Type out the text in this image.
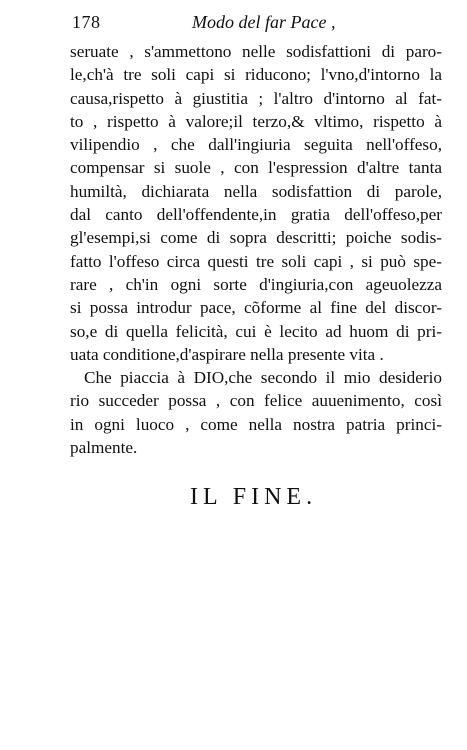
178	Modo del far Pace ,
seruate , s'ammettono nelle sodisfattioni di paro-
le,ch'à tre soli capi si riducono; l'vno,d'intorno la
causa,rispetto à giustitia ; l'altro d'intorno al fat-
to , rispetto à valore;il terzo,& vltimo, rispetto à
vilipendio , che dall'ingiuria seguita nell'offeso,
compensar si suole , con l'espression d'altre tanta
humiltà, dichiarata nella sodisfattion di parole,
dal canto dell'offendente,in gratia dell'offeso,per
gl'esempi,si come di sopra descritti; poiche sodis-
fatto l'offeso circa questi tre soli capi , si può spe-
rare , ch'in ogni sorte d'ingiuria,con ageuolezza
si possa introdur pace, cõforme al fine del discor-
so,e di quella felicità, cui è lecito ad huom di pri-
uata conditione,d'aspirare nella presente vita .
Che piaccia à DIO,che secondo il mio desiderio
rio succeder possa , con felice auuenimento, così
in ogni luoco , come nella nostra patria princi-
palmente.
IL FINE.
